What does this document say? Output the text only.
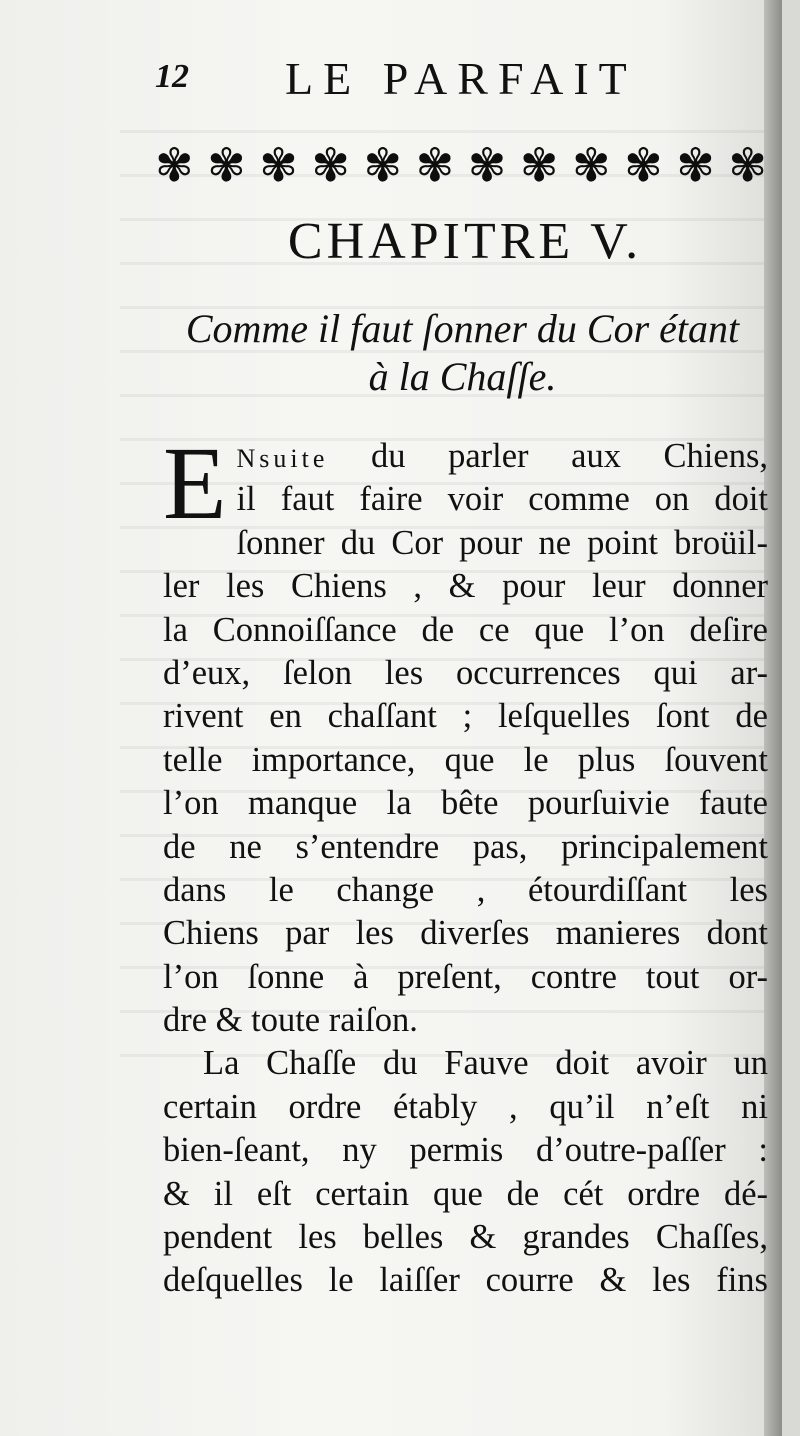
12 LE PARFAIT
✾ ✾ ✾ ✾ ✾ ✾ ✾ ✾ ✾ ✾ ✾ ✾
CHAPITRE V.
Comme il faut ſonner du Cor étant
à la Chaſſe.
E Nsuite du parler aux Chiens,
il faut faire voir comme on doit
ſonner du Cor pour ne point broüil-
ler les Chiens , & pour leur donner
la Connoiſſance de ce que l’on deſire
d’eux, ſelon les occurrences qui ar-
rivent en chaſſant ; leſquelles ſont de
telle importance, que le plus ſouvent
l’on manque la bête pourſuivie faute
de ne s’entendre pas, principalement
dans le change , étourdiſſant les
Chiens par les diverſes manieres dont
l’on ſonne à preſent, contre tout or-
dre & toute raiſon.
La Chaſſe du Fauve doit avoir un
certain ordre étably , qu’il n’eſt ni
bien-ſeant, ny permis d’outre-paſſer :
& il eſt certain que de cét ordre dé-
pendent les belles & grandes Chaſſes,
deſquelles le laiſſer courre & les fins
